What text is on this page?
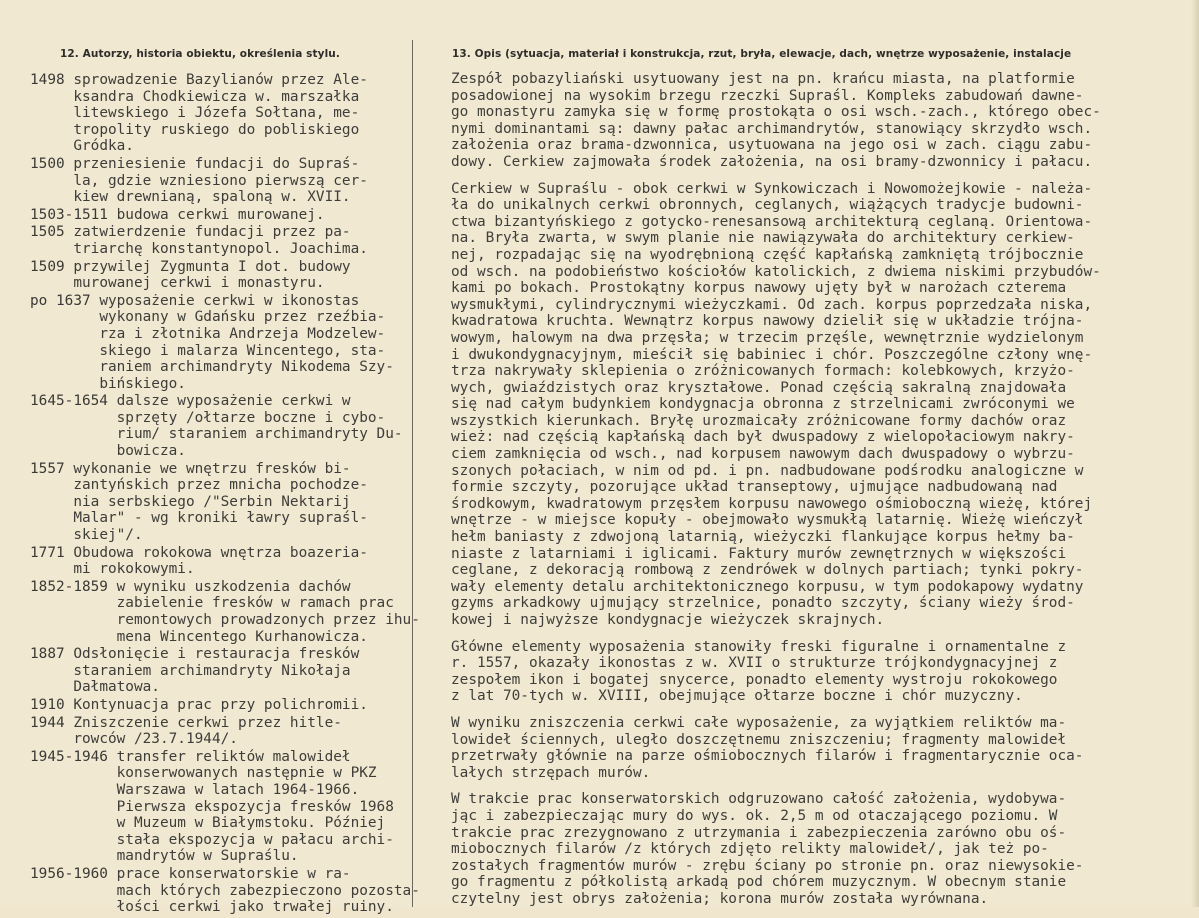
12. Autorzy, historia obiektu, określenia stylu.	13. Opis (sytuacja, materiał i konstrukcja, rzut, bryła, elewacje, dach, wnętrze wyposażenie, instalacje
1498 sprowadzenie Bazylianów przez Ale-
ksandra Chodkiewicza w. marszałka
litewskiego i Józefa Sołtana, me-
tropolity ruskiego do pobliskiego
Gródka.
1500 przeniesienie fundacji do Supraś-
la, gdzie wzniesiono pierwszą cer-
kiew drewnianą, spaloną w. XVII.
1503-1511 budowa cerkwi murowanej.
1505 zatwierdzenie fundacji przez pa-
triarchę konstantynopol. Joachima.
1509 przywilej Zygmunta I dot. budowy
murowanej cerkwi i monastyru.
po 1637 wyposażenie cerkwi w ikonostas
wykonany w Gdańsku przez rzeźbia-
rza i złotnika Andrzeja Modzelew-
skiego i malarza Wincentego, sta-
raniem archimandryty Nikodema Szy-
bińskiego.
1645-1654 dalsze wyposażenie cerkwi w
sprzęty /ołtarze boczne i cybo-
rium/ staraniem archimandryty Du-
bowicza.
1557 wykonanie we wnętrzu fresków bi-
zantyńskich przez mnicha pochodze-
nia serbskiego /"Serbin Nektarij
Malar" - wg kroniki ławry supraśl-
skiej"/.
1771 Obudowa rokokowa wnętrza boazeria-
mi rokokowymi.
1852-1859 w wyniku uszkodzenia dachów
zabielenie fresków w ramach prac
remontowych prowadzonych przez ihu-
mena Wincentego Kurhanowicza.
1887 Odsłonięcie i restauracja fresków
staraniem archimandryty Nikołaja
Dałmatowa.
1910 Kontynuacja prac przy polichromii.
1944 Zniszczenie cerkwi przez hitle-
rowców /23.7.1944/.
1945-1946 transfer reliktów malowideł
konserwowanych następnie w PKZ
Warszawa w latach 1964-1966.
Pierwsza ekspozycja fresków 1968
w Muzeum w Białymstoku. Później
stała ekspozycja w pałacu archi-
mandrytów w Supraślu.
1956-1960 prace konserwatorskie w ra-
mach których zabezpieczono pozosta-
łości cerkwi jako trwałej ruiny.
Zespół pobazyliański usytuowany jest na pn. krańcu miasta, na platformie
posadowionej na wysokim brzegu rzeczki Supraśl. Kompleks zabudowań dawne-
go monastyru zamyka się w formę prostokąta o osi wsch.-zach., którego obec-
nymi dominantami są: dawny pałac archimandrytów, stanowiący skrzydło wsch.
założenia oraz brama-dzwonnica, usytuowana na jego osi w zach. ciągu zabu-
dowy. Cerkiew zajmowała środek założenia, na osi bramy-dzwonnicy i pałacu.
Cerkiew w Supraślu - obok cerkwi w Synkowiczach i Nowomożejkowie - należa-
ła do unikalnych cerkwi obronnych, ceglanych, wiążących tradycje budowni-
ctwa bizantyńskiego z gotycko-renesansową architekturą ceglaną. Orientowa-
na. Bryła zwarta, w swym planie nie nawiązywała do architektury cerkiew-
nej, rozpadając się na wyodrębnioną część kapłańską zamkniętą trójbocznie
od wsch. na podobieństwo kościołów katolickich, z dwiema niskimi przybudów-
kami po bokach. Prostokątny korpus nawowy ujęty był w narożach czterema
wysmukłymi, cylindrycznymi wieżyczkami. Od zach. korpus poprzedzała niska,
kwadratowa kruchta. Wewnątrz korpus nawowy dzielił się w układzie trójna-
wowym, halowym na dwa przęsła; w trzecim przęśle, wewnętrznie wydzielonym
i dwukondygnacyjnym, mieścił się babiniec i chór. Poszczególne człony wnę-
trza nakrywały sklepienia o zróżnicowanych formach: kolebkowych, krzyżo-
wych, gwiaździstych oraz kryształowe. Ponad częścią sakralną znajdowała
się nad całym budynkiem kondygnacja obronna z strzelnicami zwróconymi we
wszystkich kierunkach. Bryłę urozmaicały zróżnicowane formy dachów oraz
wież: nad częścią kapłańską dach był dwuspadowy z wielopołaciowym nakry-
ciem zamknięcia od wsch., nad korpusem nawowym dach dwuspadowy o wybrzu-
szonych połaciach, w nim od pd. i pn. nadbudowane podśrodku analogiczne w
formie szczyty, pozorujące układ transeptowy, ujmujące nadbudowaną nad
środkowym, kwadratowym przęsłem korpusu nawowego ośmioboczną wieżę, której
wnętrze - w miejsce kopuły - obejmowało wysmukłą latarnię. Wieżę wieńczył
hełm baniasty z zdwojoną latarnią, wieżyczki flankujące korpus hełmy ba-
niaste z latarniami i iglicami. Faktury murów zewnętrznych w większości
ceglane, z dekoracją rombową z zendrówek w dolnych partiach; tynki pokry-
wały elementy detalu architektonicznego korpusu, w tym podokapowy wydatny
gzyms arkadkowy ujmujący strzelnice, ponadto szczyty, ściany wieży środ-
kowej i najwyższe kondygnacje wieżyczek skrajnych.
Główne elementy wyposażenia stanowiły freski figuralne i ornamentalne z
r. 1557, okazały ikonostas z w. XVII o strukturze trójkondygnacyjnej z
zespołem ikon i bogatej snycerce, ponadto elementy wystroju rokokowego
z lat 70-tych w. XVIII, obejmujące ołtarze boczne i chór muzyczny.
W wyniku zniszczenia cerkwi całe wyposażenie, za wyjątkiem reliktów ma-
lowideł ściennych, uległo doszczętnemu zniszczeniu; fragmenty malowideł
przetrwały głównie na parze ośmiobocznych filarów i fragmentarycznie ocа-
lałych strzępach murów.
W trakcie prac konserwatorskich odgruzowano całość założenia, wydobywa-
jąc i zabezpieczając mury do wys. ok. 2,5 m od otaczającego poziomu. W
trakcie prac zrezygnowano z utrzymania i zabezpieczenia zarówno obu oś-
miobocznych filarów /z których zdjęto relikty malowideł/, jak też po-
zostałych fragmentów murów - zrębu ściany po stronie pn. oraz niewysokie-
go fragmentu z półkolistą arkadą pod chórem muzycznym. W obecnym stanie
czytelny jest obrys założenia; korona murów została wyrównana.
